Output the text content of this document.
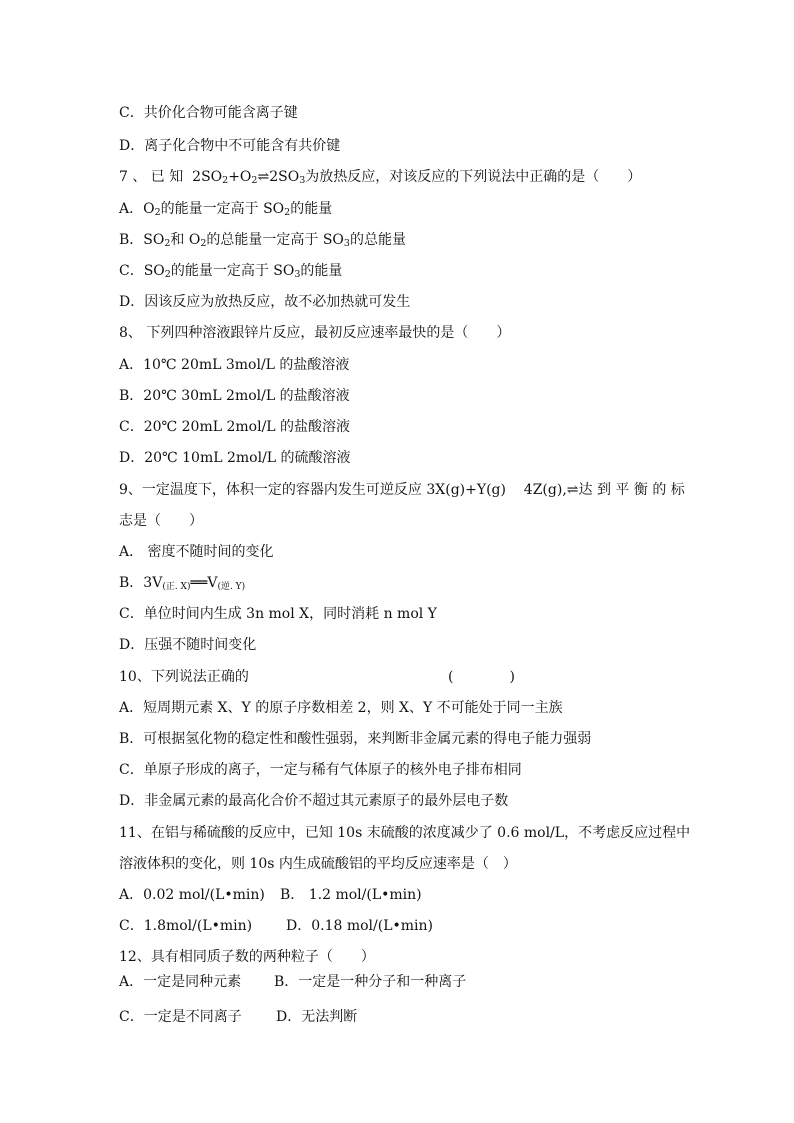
C．共价化合物可能含离子键
D．离子化合物中不可能含有共价键
7 、 已 知 $2SO_2+O_2\rightleftharpoons 2SO_3$为放热反应，对该反应的下列说法中正确的是（　　）
A．$O_2$的能量一定高于 $SO_2$的能量
B．$SO_2$和 $O_2$的总能量一定高于 $SO_3$的总能量
C．$SO_2$的能量一定高于 $SO_3$的能量
D．因该反应为放热反应，故不必加热就可发生
8、 下列四种溶液跟锌片反应，最初反应速率最快的是（　　）
A．10℃ 20mL 3mol/L 的盐酸溶液
B．20℃ 30mL 2mol/L 的盐酸溶液
C．20℃ 20mL 2mol/L 的盐酸溶液
D．20℃ 10mL 2mol/L 的硫酸溶液
9、一定温度下，体积一定的容器内发生可逆反应 3X(g)+Y(g) 4Z(g),⇌达 到 平 衡 的 标
志是（　　）
A． 密度不随时间的变化
B．$3V_{(正. X)}══V_{(逆. Y)}$
C．单位时间内生成 3n mol X，同时消耗 n mol Y
D．压强不随时间变化
10、下列说法正确的	(　　　　)
A．短周期元素 X、Y 的原子序数相差 2，则 X、Y 不可能处于同一主族
B．可根据氢化物的稳定性和酸性强弱，来判断非金属元素的得电子能力强弱
C．单原子形成的离子，一定与稀有气体原子的核外电子排布相同
D．非金属元素的最高化合价不超过其元素原子的最外层电子数
11、在铝与稀硫酸的反应中，已知 10s 末硫酸的浓度减少了 0.6 mol/L，不考虑反应过程中
溶液体积的变化，则 10s 内生成硫酸铝的平均反应速率是（　）
A．0.02 mol/(L•min) B． 1.2 mol/(L•min)
C．1.8mol/(L•min) D．0.18 mol/(L•min)
12、具有相同质子数的两种粒子（　　）
A．一定是同种元素 B．一定是一种分子和一种离子
C．一定是不同离子 D．无法判断
